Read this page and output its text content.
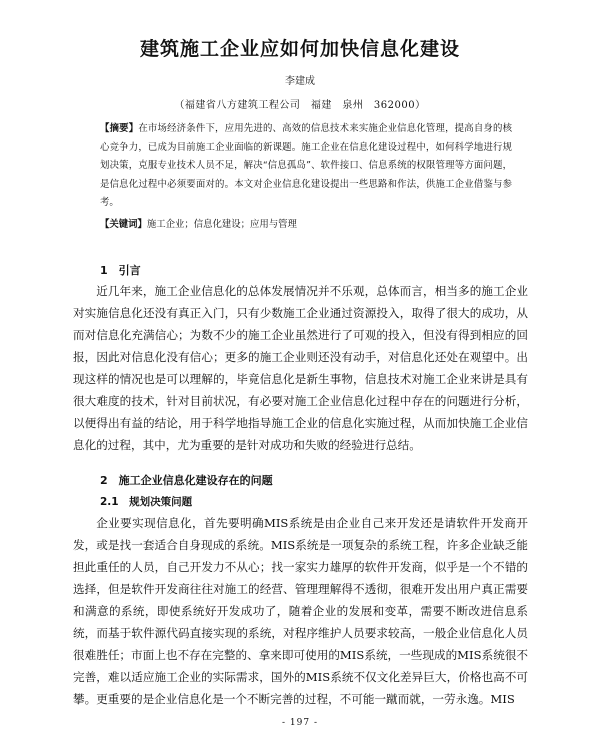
建筑施工企业应如何加快信息化建设
李建成
（福建省八方建筑工程公司　福建　泉州　362000）
【摘要】在市场经济条件下，应用先进的、高效的信息技术来实施企业信息化管理，提高自身的核心竞争力，已成为目前施工企业面临的新课题。施工企业在信息化建设过程中，如何科学地进行规划决策，克服专业技术人员不足，解决“信息孤岛”、软件接口、信息系统的权限管理等方面问题，是信息化过程中必须要面对的。本文对企业信息化建设提出一些思路和作法，供施工企业借鉴与参考。
【关键词】施工企业；信息化建设；应用与管理
1　引言

近几年来，施工企业信息化的总体发展情况并不乐观，总体而言，相当多的施工企业对实施信息化还没有真正入门，只有少数施工企业通过资源投入，取得了很大的成功，从而对信息化充满信心；为数不少的施工企业虽然进行了可观的投入，但没有得到相应的回报，因此对信息化没有信心；更多的施工企业则还没有动手，对信息化还处在观望中。出现这样的情况也是可以理解的，毕竟信息化是新生事物，信息技术对施工企业来讲是具有很大难度的技术，针对目前状况，有必要对施工企业信息化过程中存在的问题进行分析，以便得出有益的结论，用于科学地指导施工企业的信息化实施过程，从而加快施工企业信息化的过程，其中，尤为重要的是针对成功和失败的经验进行总结。

2　施工企业信息化建设存在的问题
2.1　规划决策问题

企业要实现信息化，首先要明确MIS系统是由企业自己来开发还是请软件开发商开发，或是找一套适合自身现成的系统。MIS系统是一项复杂的系统工程，许多企业缺乏能担此重任的人员，自己开发力不从心；找一家实力雄厚的软件开发商，似乎是一个不错的选择，但是软件开发商往往对施工的经营、管理理解得不透彻，很难开发出用户真正需要和满意的系统，即使系统好开发成功了，随着企业的发展和变革，需要不断改进信息系统，而基于软件源代码直接实现的系统，对程序维护人员要求较高，一般企业信息化人员很难胜任；市面上也不存在完整的、拿来即可使用的MIS系统，一些现成的MIS系统很不完善，难以适应施工企业的实际需求，国外的MIS系统不仅文化差异巨大，价格也高不可攀。 更重要的是企业信息化是一个不断完善的过程，不可能一蹴而就，一劳永逸。MIS

- 197 -
